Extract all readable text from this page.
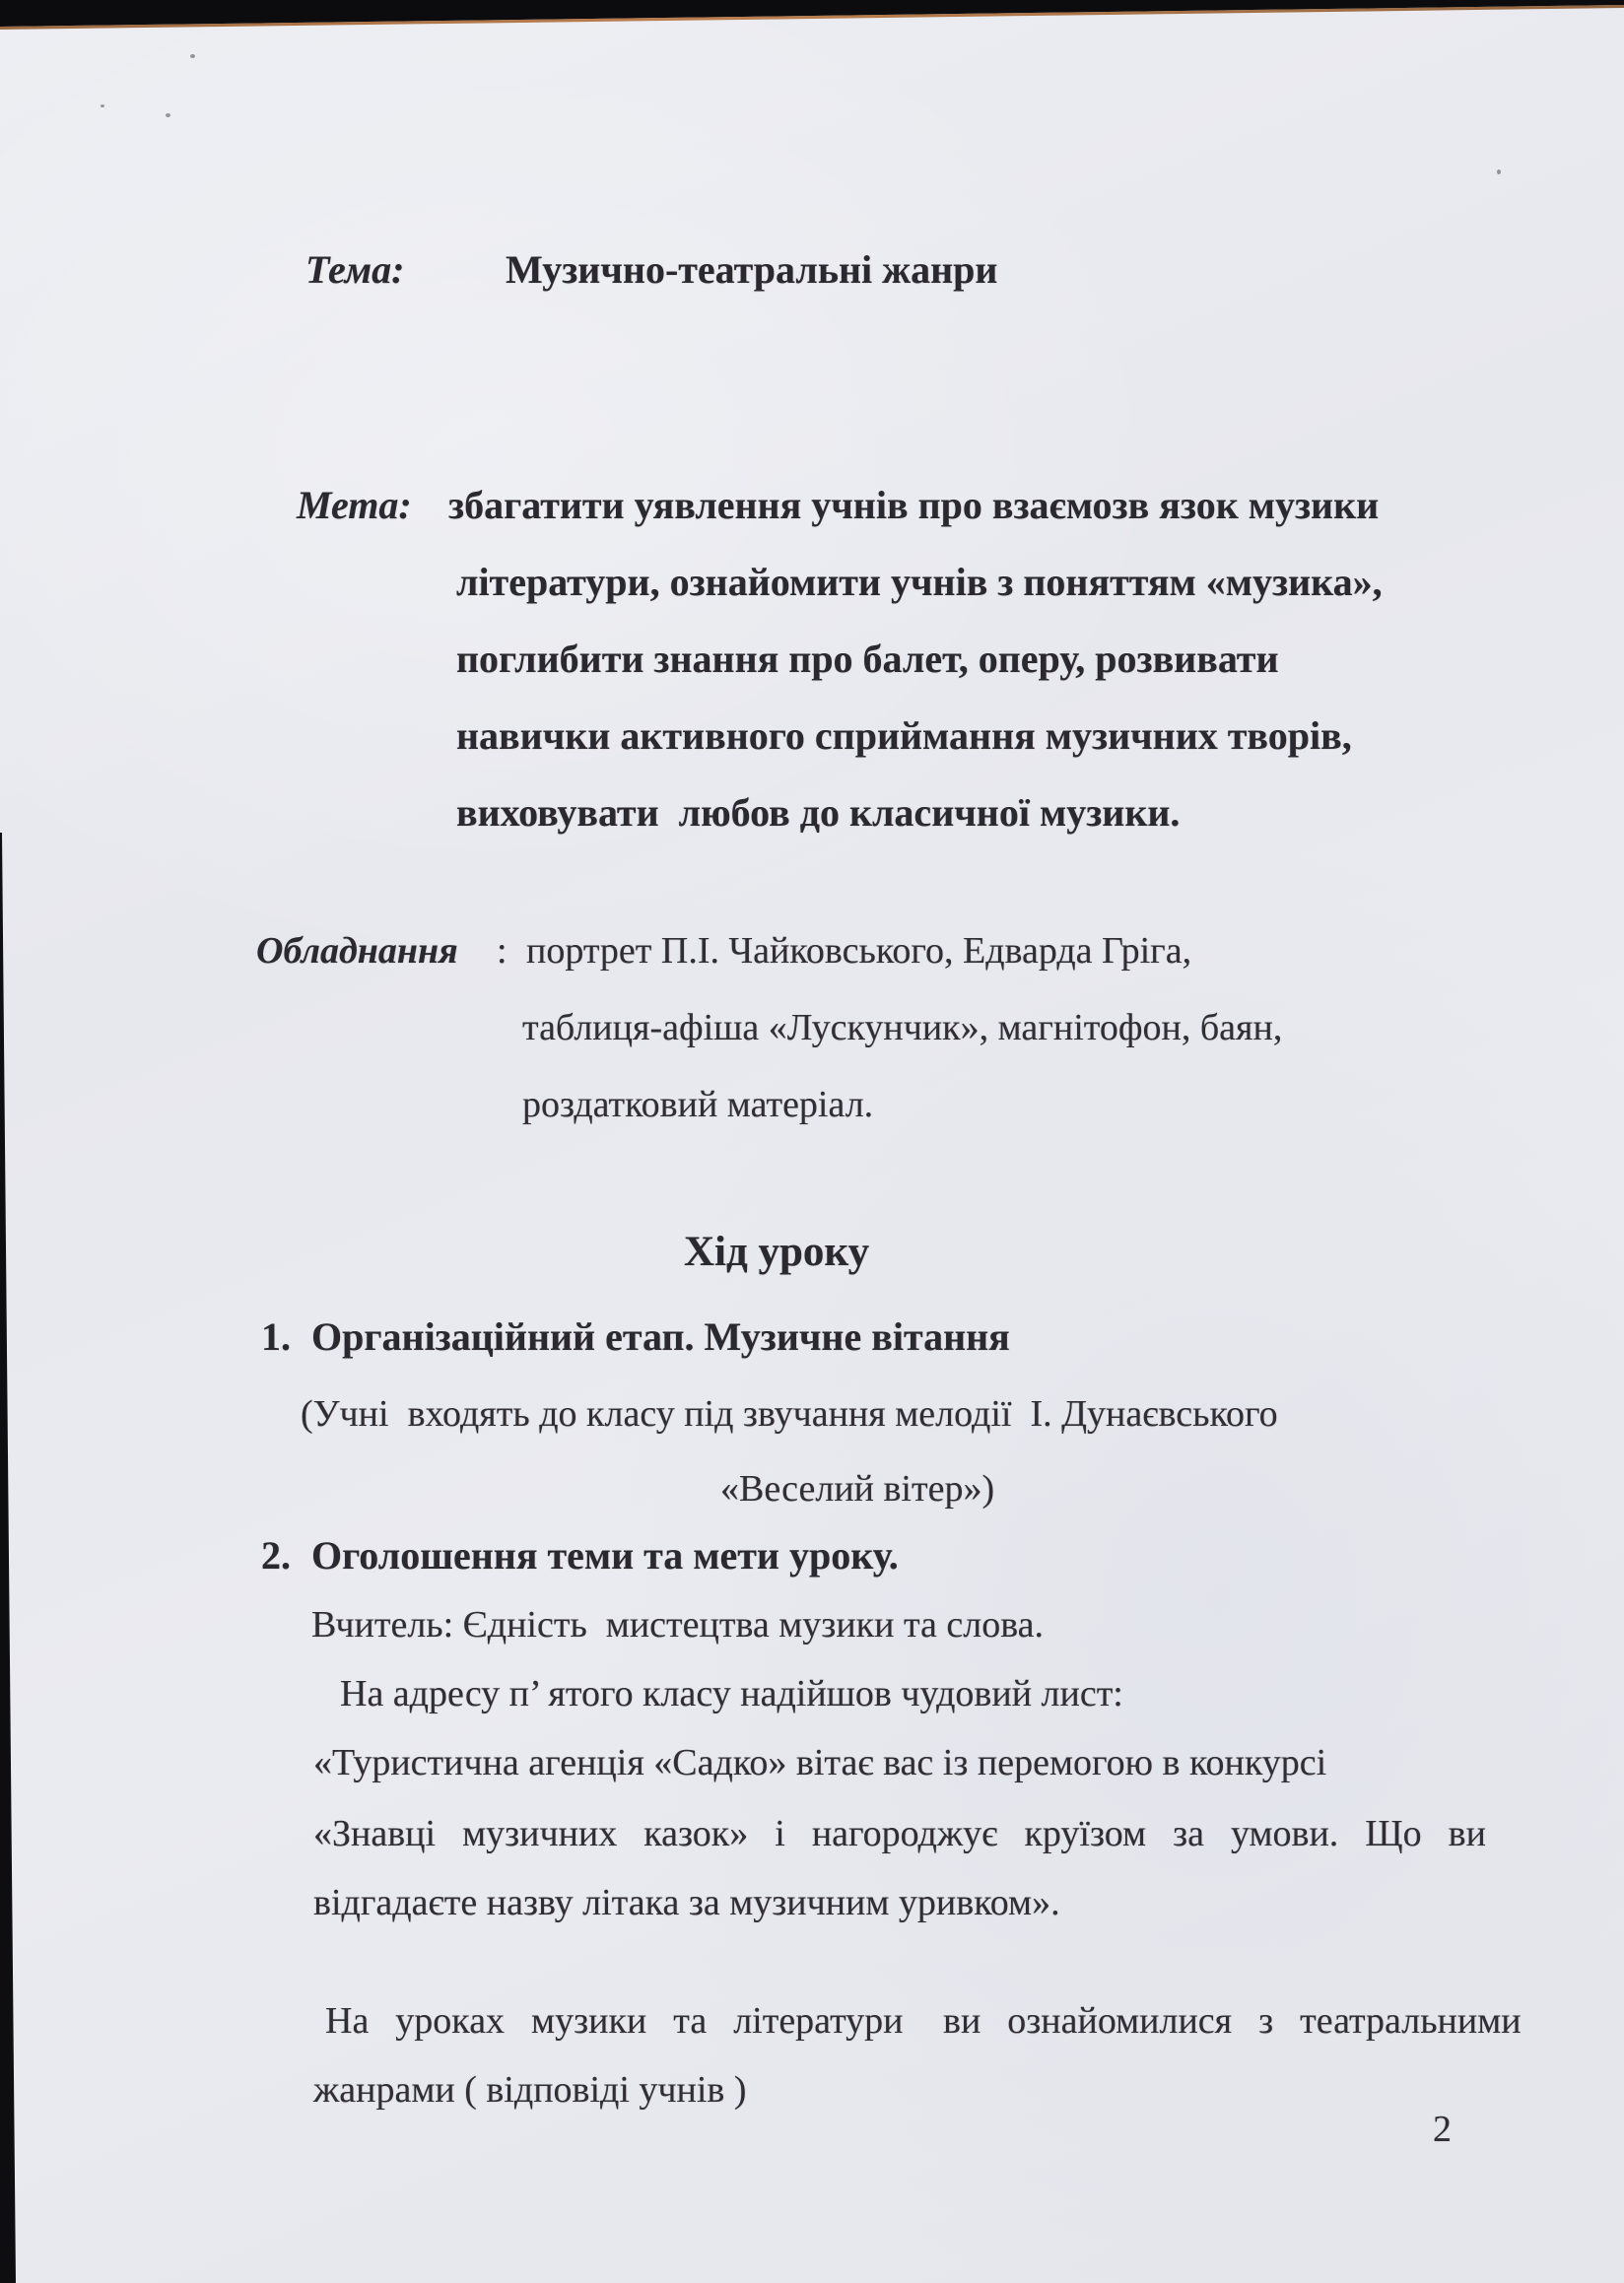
Тема:	Музично-театральні жанри
Мета: збагатити уявлення учнів про взаємозв язок музики
літератури, ознайомити учнів з поняттям «музика»,
поглибити знання про балет, оперу, розвивати
навички активного сприймання музичних творів,
виховувати  любов до класичної музики.
Обладнання : портрет П.І. Чайковського, Едварда Гріга,
таблиця-афіша «Лускунчик», магнітофон, баян,
роздатковий матеріал.
Хід уроку
1. Організаційний етап. Музичне вітання
(Учні  входять до класу під звучання мелодії  І. Дунаєвського
«Веселий вітер»)
2. Оголошення теми та мети уроку.
Вчитель: Єдність  мистецтва музики та слова.
На адресу п’ ятого класу надійшов чудовий лист:
«Туристична агенція «Садко» вітає вас із перемогою в конкурсі
«Знавці  музичних  казок»  і  нагороджує  круїзом  за  умови.  Що  ви
відгадаєте назву літака за музичним уривком».
На  уроках  музики  та  літератури   ви  ознайомилися  з  театральними
жанрами ( відповіді учнів )
2
